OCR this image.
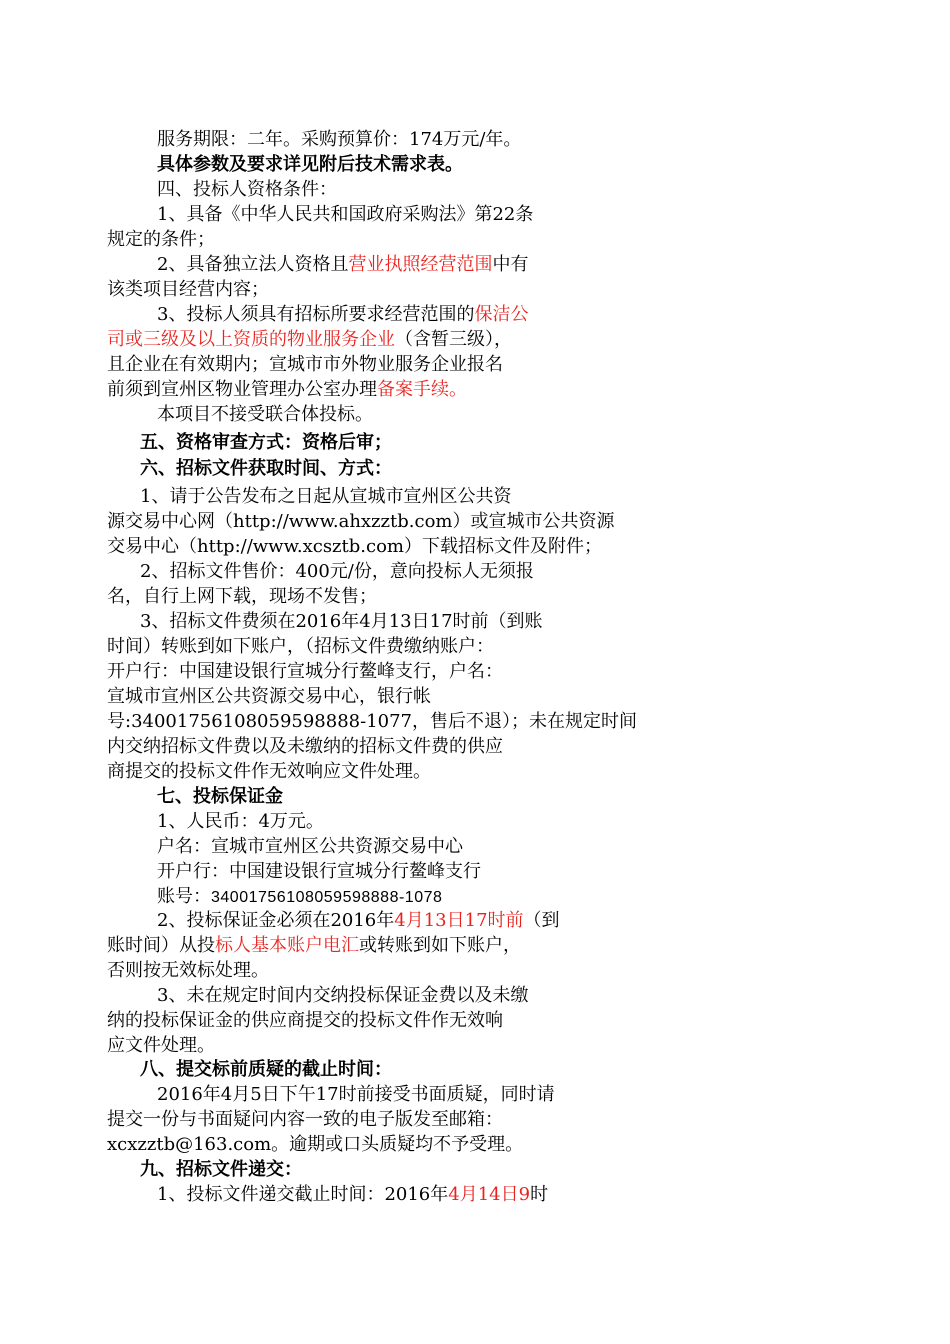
服务期限：二年。采购预算价：174万元/年。
具体参数及要求详见附后技术需求表。
四、投标人资格条件：
1、具备《中华人民共和国政府采购法》第22条
规定的条件；
2、具备独立法人资格且营业执照经营范围中有
该类项目经营内容；
3、投标人须具有招标所要求经营范围的保洁公
司或三级及以上资质的物业服务企业（含暂三级），
且企业在有效期内；宣城市市外物业服务企业报名
前须到宣州区物业管理办公室办理备案手续。
本项目不接受联合体投标。
五、资格审查方式：资格后审；
六、招标文件获取时间、方式：
1、请于公告发布之日起从宣城市宣州区公共资
源交易中心网（http://www.ahxzztb.com）或宣城市公共资源
交易中心（http://www.xcsztb.com）下载招标文件及附件；
2、招标文件售价：400元/份，意向投标人无须报
名，自行上网下载，现场不发售；
3、招标文件费须在2016年4月13日17时前（到账
时间）转账到如下账户，（招标文件费缴纳账户：
开户行：中国建设银行宣城分行鳌峰支行，户名：
宣城市宣州区公共资源交易中心，银行帐
号:34001756108059598888-1077，售后不退）；未在规定时间
内交纳招标文件费以及未缴纳的招标文件费的供应
商提交的投标文件作无效响应文件处理。
七、投标保证金
1、人民币：4万元。
户名：宣城市宣州区公共资源交易中心
开户行：中国建设银行宣城分行鳌峰支行
账号：34001756108059598888-1078
2、投标保证金必须在2016年4月13日17时前（到
账时间）从投标人基本账户电汇或转账到如下账户，
否则按无效标处理。
3、未在规定时间内交纳投标保证金费以及未缴
纳的投标保证金的供应商提交的投标文件作无效响
应文件处理。
八、提交标前质疑的截止时间：
2016年4月5日下午17时前接受书面质疑，同时请
提交一份与书面疑问内容一致的电子版发至邮箱：
xcxzztb@163.com。逾期或口头质疑均不予受理。
九、招标文件递交：
1、投标文件递交截止时间：2016年4月14日9时
